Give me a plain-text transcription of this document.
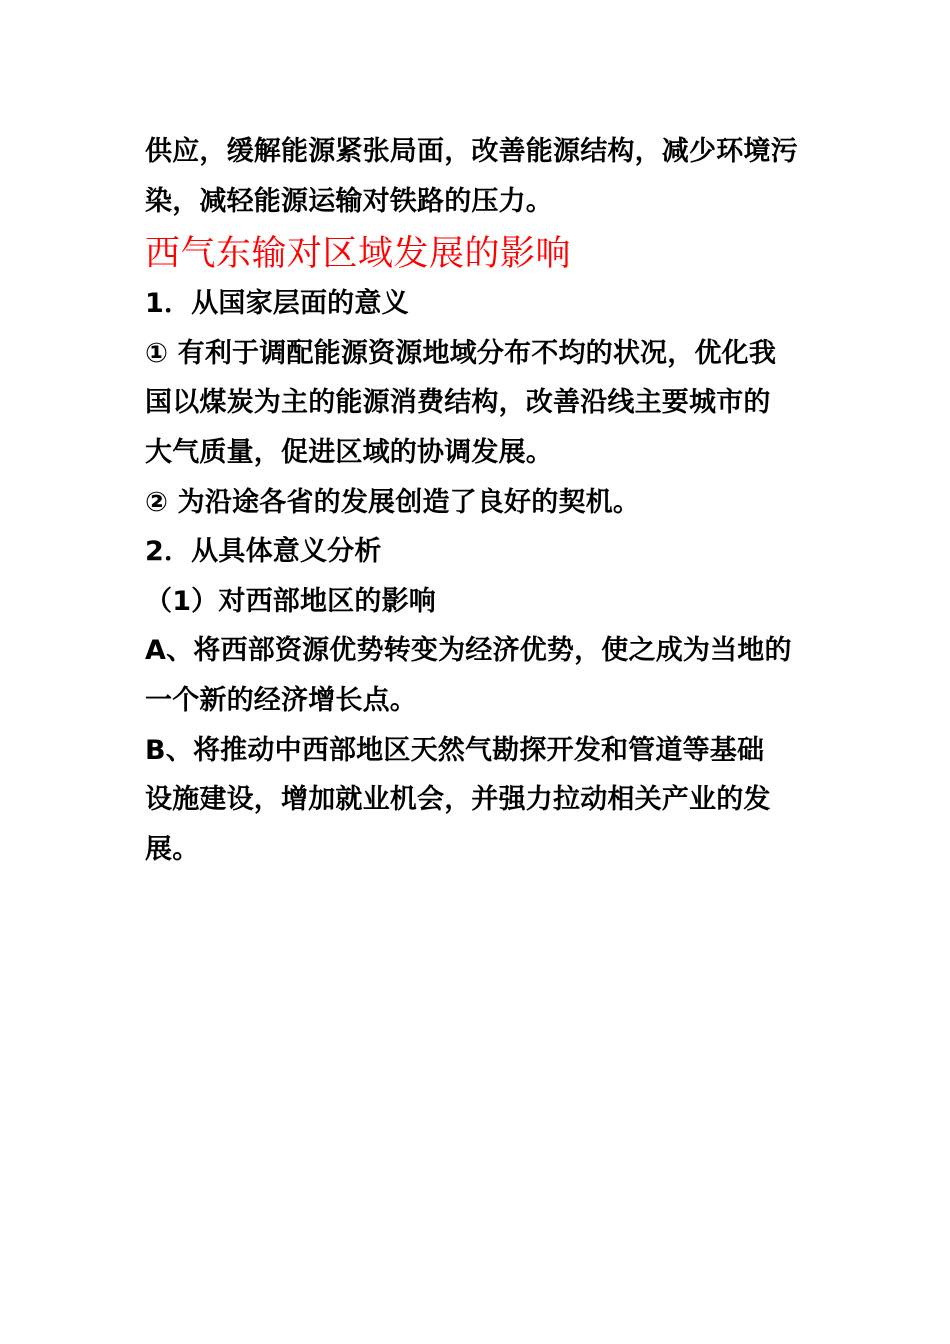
供应，缓解能源紧张局面，改善能源结构，减少环境污
染，减轻能源运输对铁路的压力。
西气东输对区域发展的影响
1．从国家层面的意义
① 有利于调配能源资源地域分布不均的状况，优化我
国以煤炭为主的能源消费结构，改善沿线主要城市的
大气质量，促进区域的协调发展。
② 为沿途各省的发展创造了良好的契机。
2．从具体意义分析
（1）对西部地区的影响
A、将西部资源优势转变为经济优势，使之成为当地的
一个新的经济增长点。
B、将推动中西部地区天然气勘探开发和管道等基础
设施建设，增加就业机会，并强力拉动相关产业的发
展。
